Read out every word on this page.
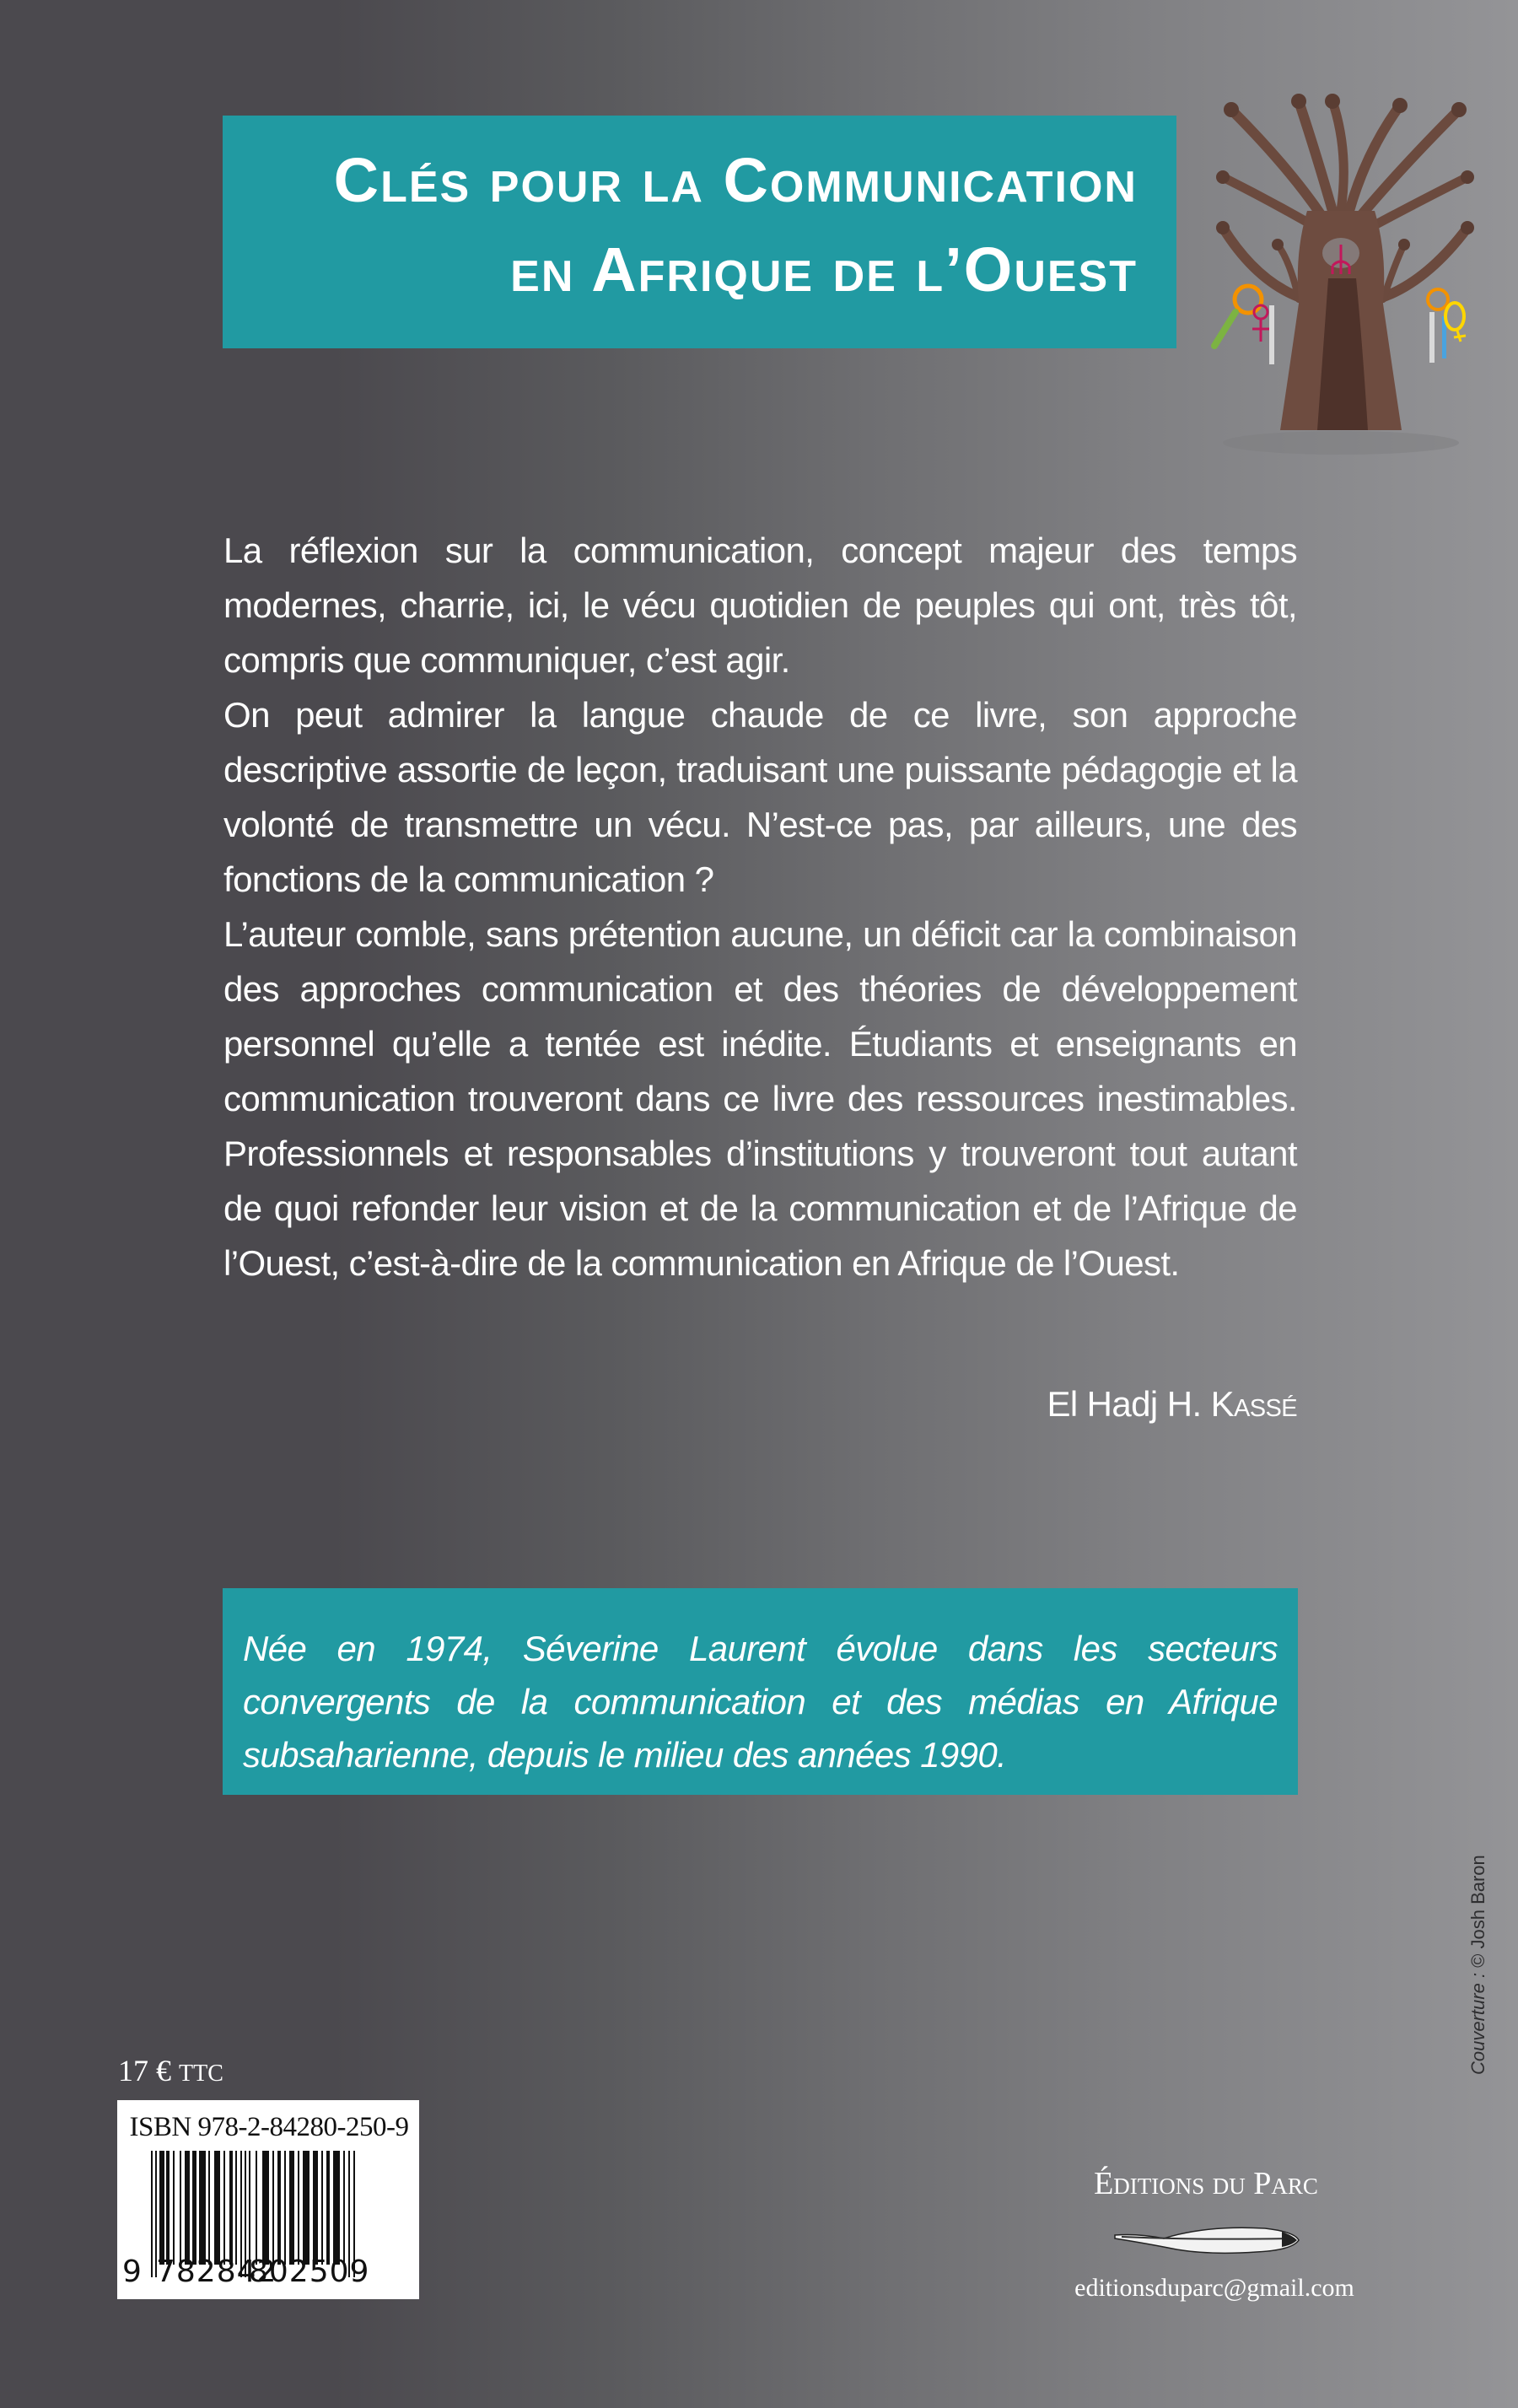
Clés pour la Communication
en Afrique de l’Ouest

La réflexion sur la communication, concept majeur des temps modernes, charrie, ici, le vécu quotidien de peuples qui ont, très tôt, compris que communiquer, c’est agir.

On peut admirer la langue chaude de ce livre, son approche descriptive assortie de leçon, traduisant une puissante pédagogie et la volonté de transmettre un vécu. N’est-ce pas, par ailleurs, une des fonctions de la communication ?

L’auteur comble, sans prétention aucune, un déficit car la combinaison des approches communication et des théories de développement personnel qu’elle a tentée est inédite. Étudiants et enseignants en communication trouveront dans ce livre des ressources inestimables. Professionnels et responsables d’institutions y trouveront tout autant de quoi refonder leur vision et de la communication et de l’Afrique de l’Ouest, c’est-à-dire de la communication en Afrique de l’Ouest.

El Hadj H. Kassé
Née en 1974, Séverine Laurent évolue dans les secteurs convergents de la communication et des médias en Afrique subsaharienne, depuis le milieu des années 1990.
17 € TTC
ISBN 978-2-84280-250-9
9 782842
802509
Éditions du Parc
editionsduparc@gmail.com
Couverture : © Josh Baron
